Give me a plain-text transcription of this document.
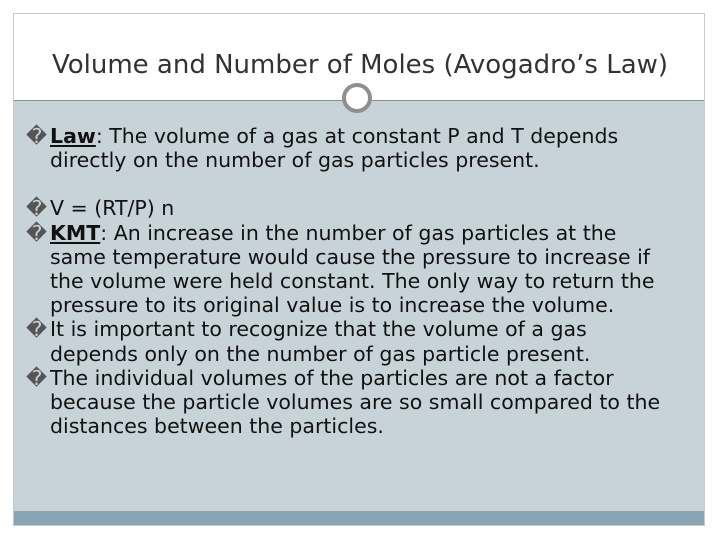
Volume and Number of Moles (Avogadro’s Law)
� Law: The volume of a gas at constant P and T depends directly on the number of gas particles present.
� V = (RT/P) n
� KMT: An increase in the number of gas particles at the same temperature would cause the pressure to increase if the volume were held constant. The only way to return the pressure to its original value is to increase the volume.
� It is important to recognize that the volume of a gas depends only on the number of gas particle present.
� The individual volumes of the particles are not a factor because the particle volumes are so small compared to the distances between the particles.
